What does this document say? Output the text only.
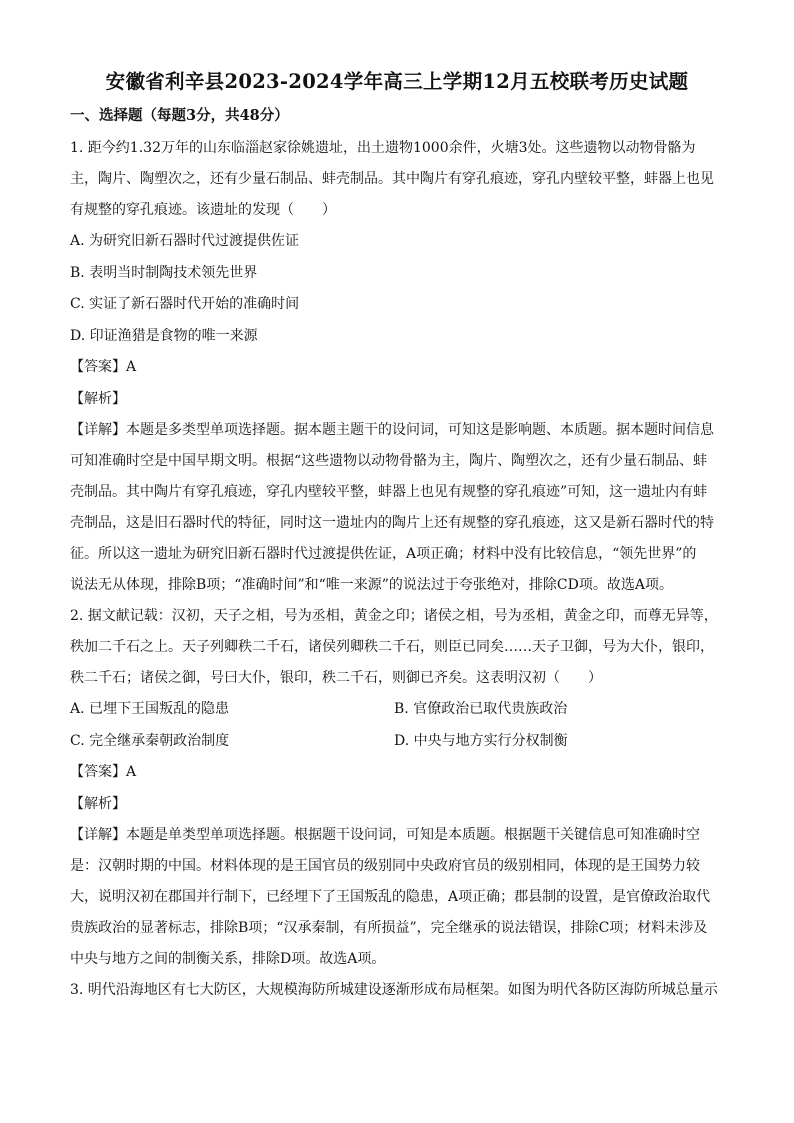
安徽省利辛县2023-2024学年高三上学期12月五校联考历史试题
一、选择题（每题3分，共48分）

1. 距今约1.32万年的山东临淄赵家徐姚遗址，出土遗物1000余件，火塘3处。这些遗物以动物骨骼为

主，陶片、陶塑次之，还有少量石制品、蚌壳制品。其中陶片有穿孔痕迹，穿孔内壁较平整，蚌器上也见

有规整的穿孔痕迹。该遗址的发现（　　）

A. 为研究旧新石器时代过渡提供佐证

B. 表明当时制陶技术领先世界

C. 实证了新石器时代开始的准确时间

D. 印证渔猎是食物的唯一来源

【答案】A

【解析】

【详解】本题是多类型单项选择题。据本题主题干的设问词，可知这是影响题、本质题。据本题时间信息

可知准确时空是中国早期文明。根据“这些遗物以动物骨骼为主，陶片、陶塑次之，还有少量石制品、蚌

壳制品。其中陶片有穿孔痕迹，穿孔内壁较平整，蚌器上也见有规整的穿孔痕迹”可知，这一遗址内有蚌

壳制品，这是旧石器时代的特征，同时这一遗址内的陶片上还有规整的穿孔痕迹，这又是新石器时代的特

征。所以这一遗址为研究旧新石器时代过渡提供佐证，A项正确；材料中没有比较信息，“领先世界”的

说法无从体现，排除B项；“准确时间”和“唯一来源”的说法过于夸张绝对，排除CD项。故选A项。

2. 据文献记载：汉初，天子之相，号为丞相，黄金之印；诸侯之相，号为丞相，黄金之印，而尊无异等，

秩加二千石之上。天子列卿秩二千石，诸侯列卿秩二千石，则臣已同矣……天子卫御，号为大仆，银印，

秩二千石；诸侯之御，号曰大仆，银印，秩二千石，则御已齐矣。这表明汉初（　　）

A. 已埋下王国叛乱的隐患	B. 官僚政治已取代贵族政治
C. 完全继承秦朝政治制度	D. 中央与地方实行分权制衡

【答案】A

【解析】

【详解】本题是单类型单项选择题。根据题干设问词，可知是本质题。根据题干关键信息可知准确时空

是：汉朝时期的中国。材料体现的是王国官员的级别同中央政府官员的级别相同，体现的是王国势力较

大，说明汉初在郡国并行制下，已经埋下了王国叛乱的隐患，A项正确；郡县制的设置，是官僚政治取代

贵族政治的显著标志，排除B项；“汉承秦制，有所损益”，完全继承的说法错误，排除C项；材料未涉及

中央与地方之间的制衡关系，排除D项。故选A项。

3. 明代沿海地区有七大防区，大规模海防所城建设逐渐形成布局框架。如图为明代各防区海防所城总量示
